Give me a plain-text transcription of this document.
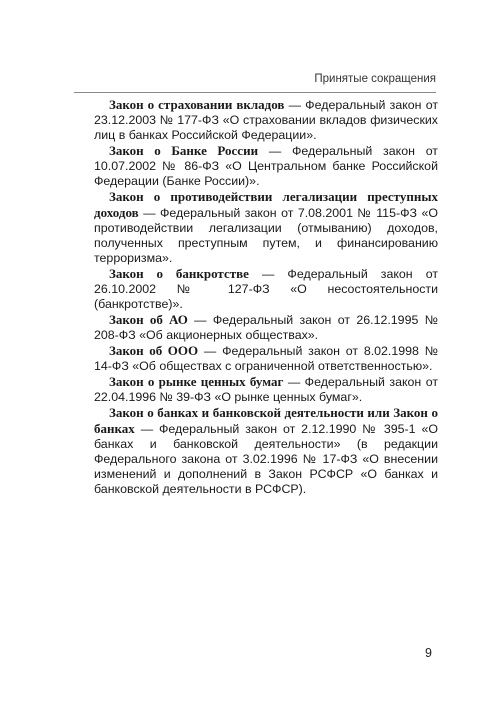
Принятые сокращения

Закон о страховании вкладов — Федеральный закон от 23.12.2003 № 177-ФЗ «О страховании вкладов физических лиц в банках Российской Федерации».

Закон о Банке России — Федеральный закон от 10.07.2002 № 86-ФЗ «О Центральном банке Российской Федерации (Банке России)».

Закон о противодействии легализации преступных доходов — Федеральный закон от 7.08.2001 № 115-ФЗ «О противодействии легализации (отмыванию) доходов, полученных преступным путем, и финансированию терроризма».

Закон о банкротстве — Федеральный закон от 26.10.2002 № 127-ФЗ «О несостоятельности (банкротстве)».

Закон об АО — Федеральный закон от 26.12.1995 № 208-ФЗ «Об акционерных обществах».

Закон об ООО — Федеральный закон от 8.02.1998 № 14-ФЗ «Об обществах с ограниченной ответственностью».

Закон о рынке ценных бумаг — Федеральный закон от 22.04.1996 № 39-ФЗ «О рынке ценных бумаг».

Закон о банках и банковской деятельности или Закон о банках — Федеральный закон от 2.12.1990 № 395-1 «О банках и банковской деятельности» (в редакции Федерального закона от 3.02.1996 № 17-ФЗ «О внесении изменений и дополнений в Закон РСФСР «О банках и банковской деятельности в РСФСР).

9
